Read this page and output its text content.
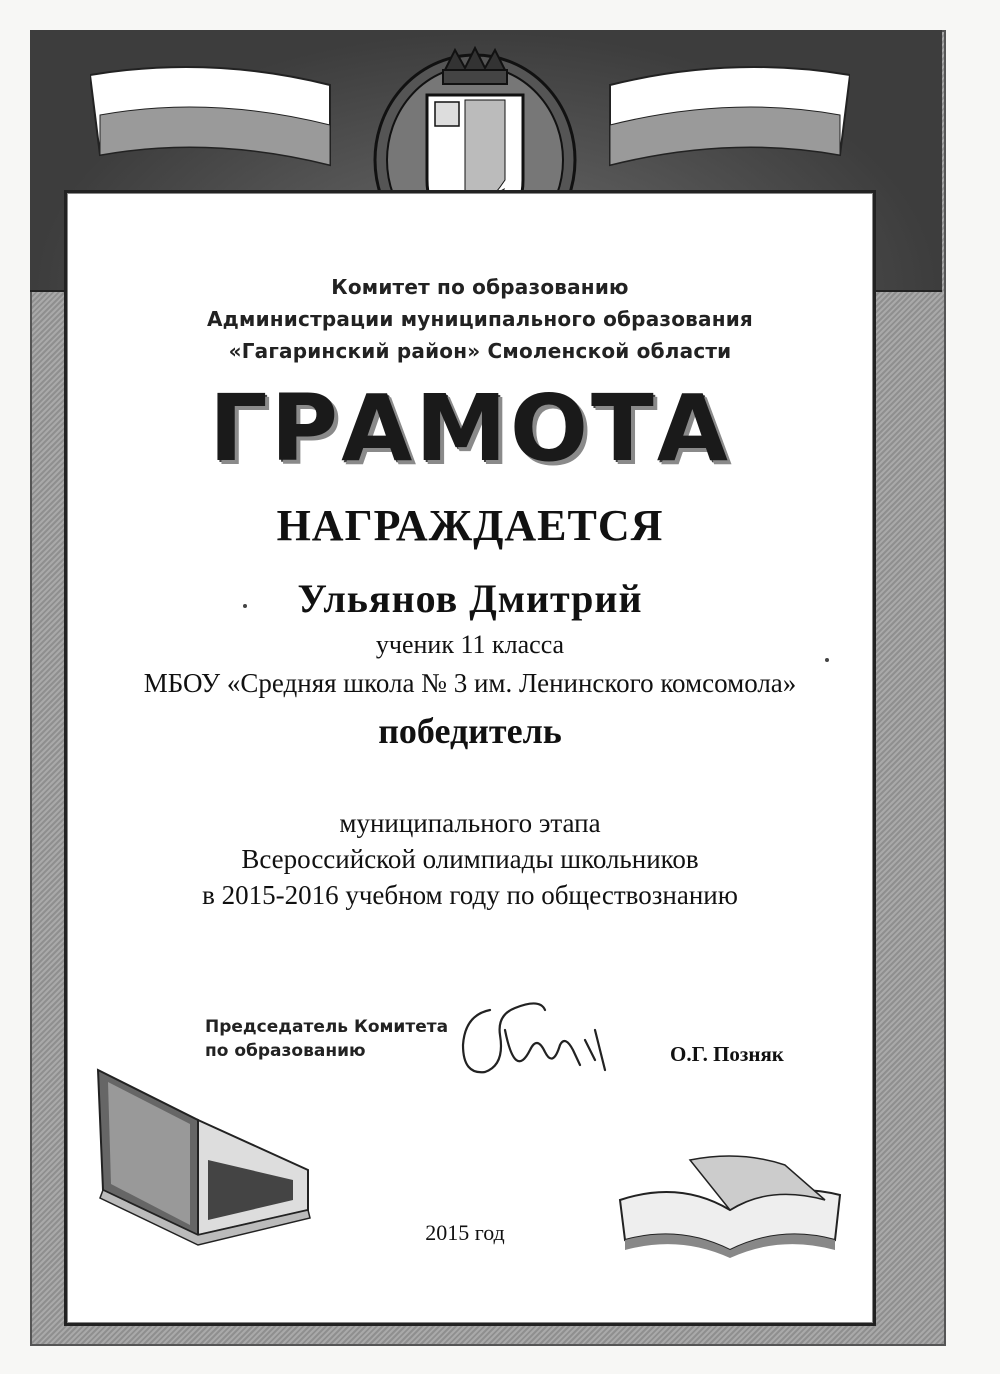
Комитет по образованию
Администрации муниципального образования
«Гагаринский район» Смоленской области
ГРАМОТА
НАГРАЖДАЕТСЯ
Ульянов Дмитрий
ученик 11 класса
МБОУ «Средняя школа № 3 им. Ленинского комсомола»
победитель
муниципального этапа
Всероссийской олимпиады школьников
в 2015-2016 учебном году по обществознанию
Председатель Комитета
по образованию	О.Г. Позняк
2015 год
